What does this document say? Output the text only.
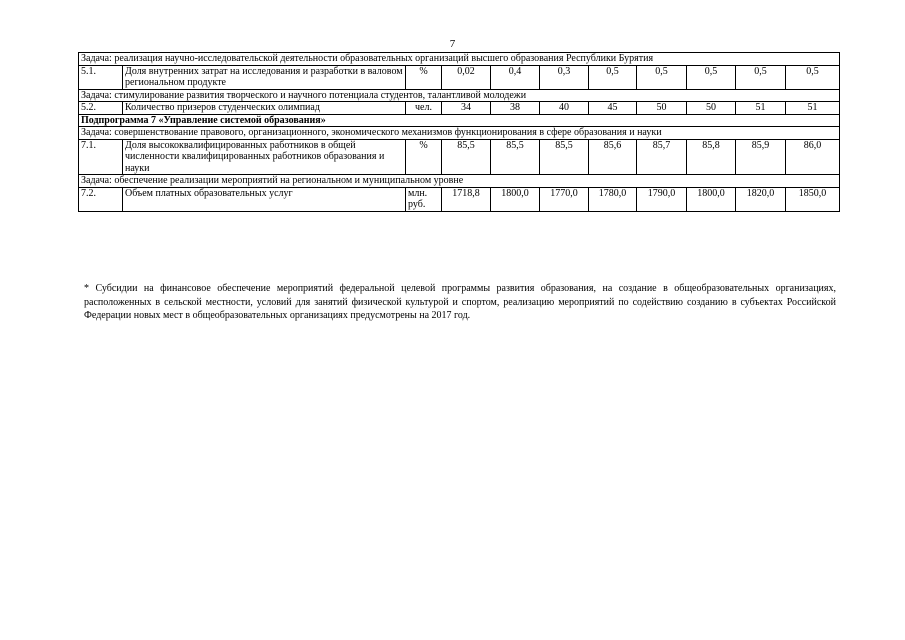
7
Задача: реализация научно-исследовательской деятельности образовательных организаций высшего образования Республики Бурятия										
5.1.	Доля внутренних затрат на исследования и разработки в валовом региональном продукте	%	0,02	0,4	0,3	0,5	0,5	0,5	0,5	0,5
Задача: стимулирование развития творческого и научного потенциала студентов, талантливой молодежи										
5.2.	Количество призеров студенческих олимпиад	чел.	34	38	40	45	50	50	51	51
Подпрограмма 7 «Управление системой образования»										
Задача: совершенствование правового, организационного, экономического механизмов функционирования в сфере образования и науки										
7.1.	Доля высококвалифицированных работников в общей численности квалифицированных работников образования и науки	%	85,5	85,5	85,5	85,6	85,7	85,8	85,9	86,0
Задача: обеспечение реализации мероприятий на региональном и муниципальном уровне										
7.2.	Объем платных образовательных услуг	млн. руб.	1718,8	1800,0	1770,0	1780,0	1790,0	1800,0	1820,0	1850,0

* Субсидии на финансовое обеспечение мероприятий федеральной целевой программы развития образования, на создание в общеобразовательных организациях, расположенных в сельской местности, условий для занятий физической культурой и спортом, реализацию мероприятий по содействию созданию в субъектах Российской Федерации новых мест в общеобразовательных организациях предусмотрены на 2017 год.
